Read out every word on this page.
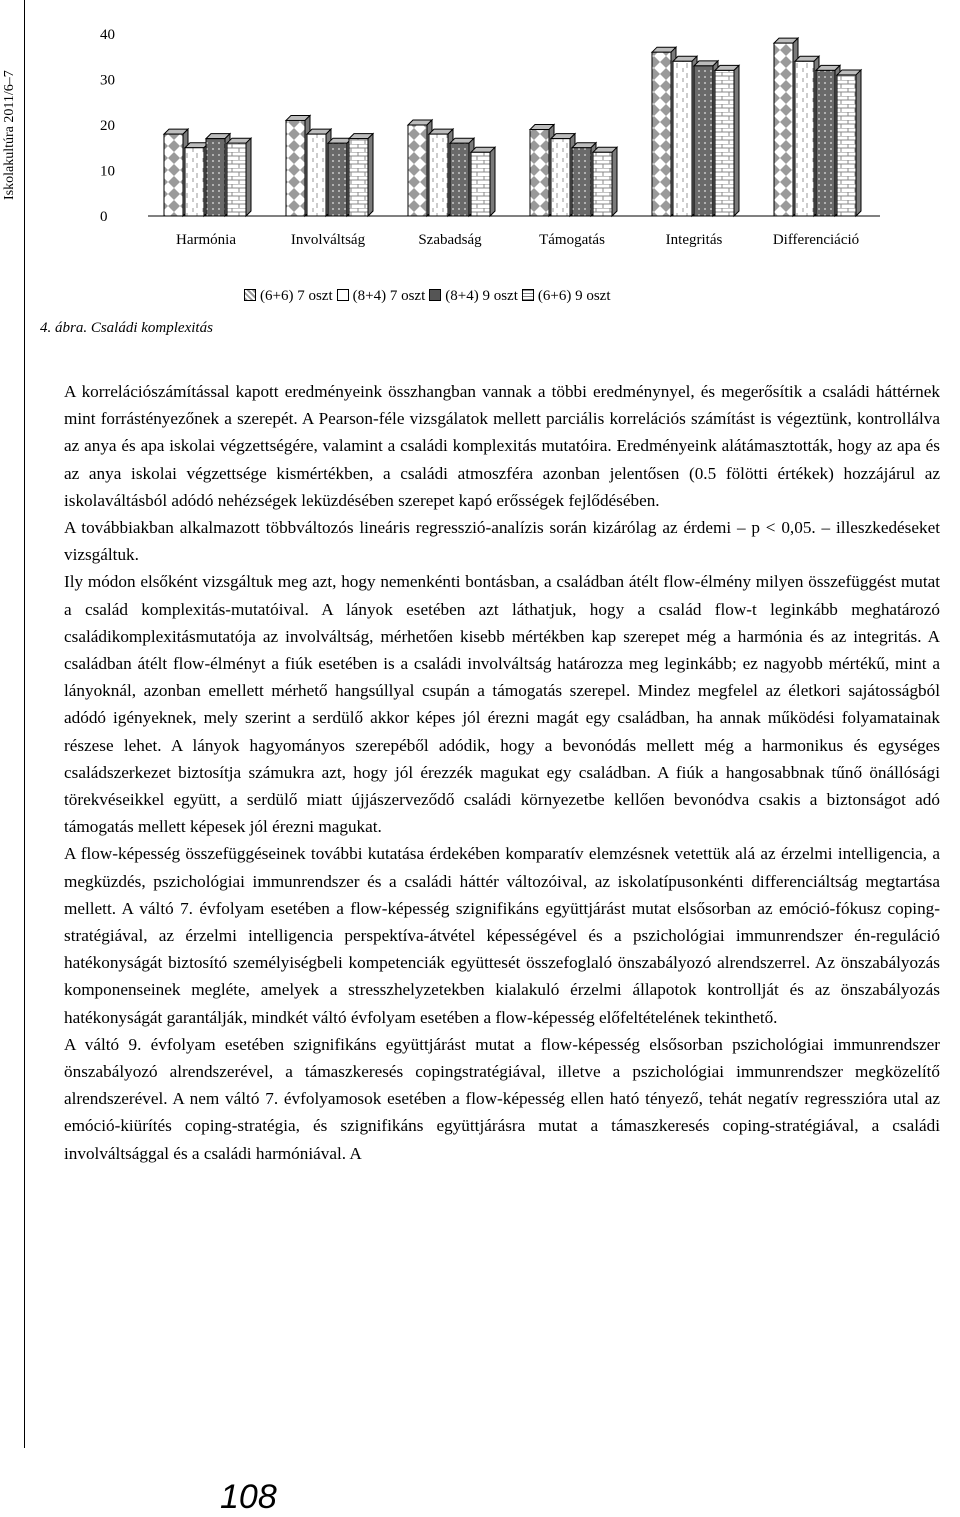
Iskolakultúra 2011/6–7
0
10
20
30
40
Harmónia	Involváltság	Szabadság	Támogatás	Integritás	Differenciáció
(6+6) 7 oszt (8+4) 7 oszt (8+4) 9 oszt (6+6) 9 oszt
4. ábra. Családi komplexitás

A korrelációszámítással kapott eredményeink összhangban vannak a többi eredménynyel, és megerősítik a családi háttérnek mint forrástényezőnek a szerepét. A Pearson-féle vizsgálatok mellett parciális korrelációs számítást is végeztünk, kontrollálva az anya és apa iskolai végzettségére, valamint a családi komplexitás mutatóira. Eredményeink alátámasztották, hogy az apa és az anya iskolai végzettsége kismértékben, a családi atmoszféra azonban jelentősen (0.5 fölötti értékek) hozzájárul az iskolaváltásból adódó nehézségek leküzdésében szerepet kapó erősségek fejlődésében.

A továbbiakban alkalmazott többváltozós lineáris regresszió-analízis során kizárólag az érdemi – p < 0,05. – illeszkedéseket vizsgáltuk.

Ily módon elsőként vizsgáltuk meg azt, hogy nemenkénti bontásban, a családban átélt flow-élmény milyen összefüggést mutat a család komplexitás-mutatóival. A lányok esetében azt láthatjuk, hogy a család flow-t leginkább meghatározó családikomplexitásmutatója az involváltság, mérhetően kisebb mértékben kap szerepet még a harmónia és az integritás. A családban átélt flow-élményt a fiúk esetében is a családi involváltság határozza meg leginkább; ez nagyobb mértékű, mint a lányoknál, azonban emellett mérhető hangsúllyal csupán a támogatás szerepel. Mindez megfelel az életkori sajátosságból adódó igényeknek, mely szerint a serdülő akkor képes jól érezni magát egy családban, ha annak működési folyamatainak részese lehet. A lányok hagyományos szerepéből adódik, hogy a bevonódás mellett még a harmonikus és egységes családszerkezet biztosítja számukra azt, hogy jól érezzék magukat egy családban. A fiúk a hangosabbnak tűnő önállósági törekvéseikkel együtt, a serdülő miatt újjászerveződő családi környezetbe kellően bevonódva csakis a biztonságot adó támogatás mellett képesek jól érezni magukat.

A flow-képesség összefüggéseinek további kutatása érdekében komparatív elemzésnek vetettük alá az érzelmi intelligencia, a megküzdés, pszichológiai immunrendszer és a családi háttér változóival, az iskolatípusonkénti differenciáltság megtartása mellett. A váltó 7. évfolyam esetében a flow-képesség szignifikáns együttjárást mutat elsősorban az emóció-fókusz coping-stratégiával, az érzelmi intelligencia perspektíva-átvétel képességével és a pszichológiai immunrendszer én-reguláció hatékonyságát biztosító személyiségbeli kompetenciák együttesét összefoglaló önszabályozó alrendszerrel. Az önszabályozás komponenseinek megléte, amelyek a stresszhelyzetekben kialakuló érzelmi állapotok kontrollját és az önszabályozás hatékonyságát garantálják, mindkét váltó évfolyam esetében a flow-képesség előfeltételének tekinthető.

A váltó 9. évfolyam esetében szignifikáns együttjárást mutat a flow-képesség elsősorban pszichológiai immunrendszer önszabályozó alrendszerével, a támaszkeresés copingstratégiával, illetve a pszichológiai immunrendszer megközelítő alrendszerével. A nem váltó 7. évfolyamosok esetében a flow-képesség ellen ható tényező, tehát negatív regresszióra utal az emóció-kiürítés coping-stratégia, és szignifikáns együttjárásra mutat a támaszkeresés coping-stratégiával, a családi involváltsággal és a családi harmóniával. A

108
